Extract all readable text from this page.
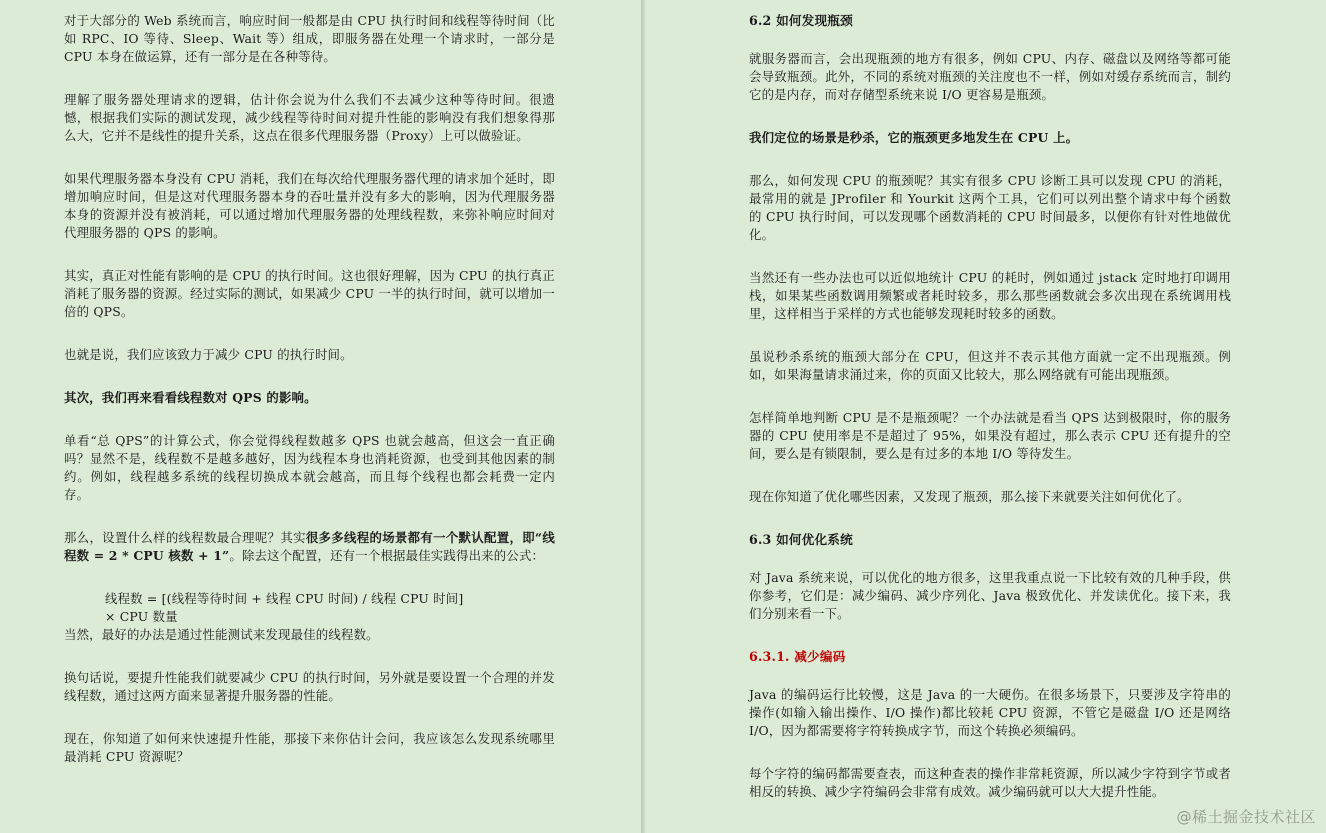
对于大部分的 Web 系统而言，响应时间一般都是由 CPU 执行时间和线程等待时间（比如 RPC、IO 等待、Sleep、Wait 等）组成，即服务器在处理一个请求时，一部分是 CPU 本身在做运算，还有一部分是在各种等待。

理解了服务器处理请求的逻辑，估计你会说为什么我们不去减少这种等待时间。很遗憾，根据我们实际的测试发现，减少线程等待时间对提升性能的影响没有我们想象得那么大，它并不是线性的提升关系，这点在很多代理服务器（Proxy）上可以做验证。

如果代理服务器本身没有 CPU 消耗，我们在每次给代理服务器代理的请求加个延时，即增加响应时间，但是这对代理服务器本身的吞吐量并没有多大的影响，因为代理服务器本身的资源并没有被消耗，可以通过增加代理服务器的处理线程数，来弥补响应时间对代理服务器的 QPS 的影响。

其实，真正对性能有影响的是 CPU 的执行时间。这也很好理解，因为 CPU 的执行真正消耗了服务器的资源。经过实际的测试，如果减少 CPU 一半的执行时间，就可以增加一倍的 QPS。

也就是说，我们应该致力于减少 CPU 的执行时间。

其次，我们再来看看线程数对 QPS 的影响。

单看“总 QPS”的计算公式，你会觉得线程数越多 QPS 也就会越高，但这会一直正确吗？显然不是，线程数不是越多越好，因为线程本身也消耗资源，也受到其他因素的制约。例如，线程越多系统的线程切换成本就会越高，而且每个线程也都会耗费一定内存。

那么，设置什么样的线程数最合理呢？其实很多多线程的场景都有一个默认配置，即“线程数 = 2 * CPU 核数 + 1”。除去这个配置，还有一个根据最佳实践得出来的公式：

线程数 = [(线程等待时间 + 线程 CPU 时间) / 线程 CPU 时间]

× CPU 数量

当然，最好的办法是通过性能测试来发现最佳的线程数。

换句话说，要提升性能我们就要减少 CPU 的执行时间，另外就是要设置一个合理的并发线程数，通过这两方面来显著提升服务器的性能。

现在，你知道了如何来快速提升性能，那接下来你估计会问，我应该怎么发现系统哪里最消耗 CPU 资源呢？

6.2 如何发现瓶颈

就服务器而言，会出现瓶颈的地方有很多，例如 CPU、内存、磁盘以及网络等都可能会导致瓶颈。此外，不同的系统对瓶颈的关注度也不一样，例如对缓存系统而言，制约它的是内存，而对存储型系统来说 I/O 更容易是瓶颈。

我们定位的场景是秒杀，它的瓶颈更多地发生在 CPU 上。

那么，如何发现 CPU 的瓶颈呢？其实有很多 CPU 诊断工具可以发现 CPU 的消耗，最常用的就是 JProfiler 和 Yourkit 这两个工具，它们可以列出整个请求中每个函数的 CPU 执行时间，可以发现哪个函数消耗的 CPU 时间最多，以便你有针对性地做优化。

当然还有一些办法也可以近似地统计 CPU 的耗时，例如通过 jstack 定时地打印调用栈，如果某些函数调用频繁或者耗时较多，那么那些函数就会多次出现在系统调用栈里，这样相当于采样的方式也能够发现耗时较多的函数。

虽说秒杀系统的瓶颈大部分在 CPU，但这并不表示其他方面就一定不出现瓶颈。例如，如果海量请求涌过来，你的页面又比较大，那么网络就有可能出现瓶颈。

怎样简单地判断 CPU 是不是瓶颈呢？一个办法就是看当 QPS 达到极限时，你的服务器的 CPU 使用率是不是超过了 95%，如果没有超过，那么表示 CPU 还有提升的空间，要么是有锁限制，要么是有过多的本地 I/O 等待发生。

现在你知道了优化哪些因素，又发现了瓶颈，那么接下来就要关注如何优化了。

6.3 如何优化系统

对 Java 系统来说，可以优化的地方很多，这里我重点说一下比较有效的几种手段，供你参考，它们是：减少编码、减少序列化、Java 极致优化、并发读优化。接下来，我们分别来看一下。

6.3.1. 减少编码

Java 的编码运行比较慢，这是 Java 的一大硬伤。在很多场景下，只要涉及字符串的操作(如输入输出操作、I/O 操作)都比较耗 CPU 资源，不管它是磁盘 I/O 还是网络 I/O，因为都需要将字符转换成字节，而这个转换必须编码。

每个字符的编码都需要查表，而这种查表的操作非常耗资源，所以减少字符到字节或者相反的转换、减少字符编码会非常有成效。减少编码就可以大大提升性能。

@稀土掘金技术社区
